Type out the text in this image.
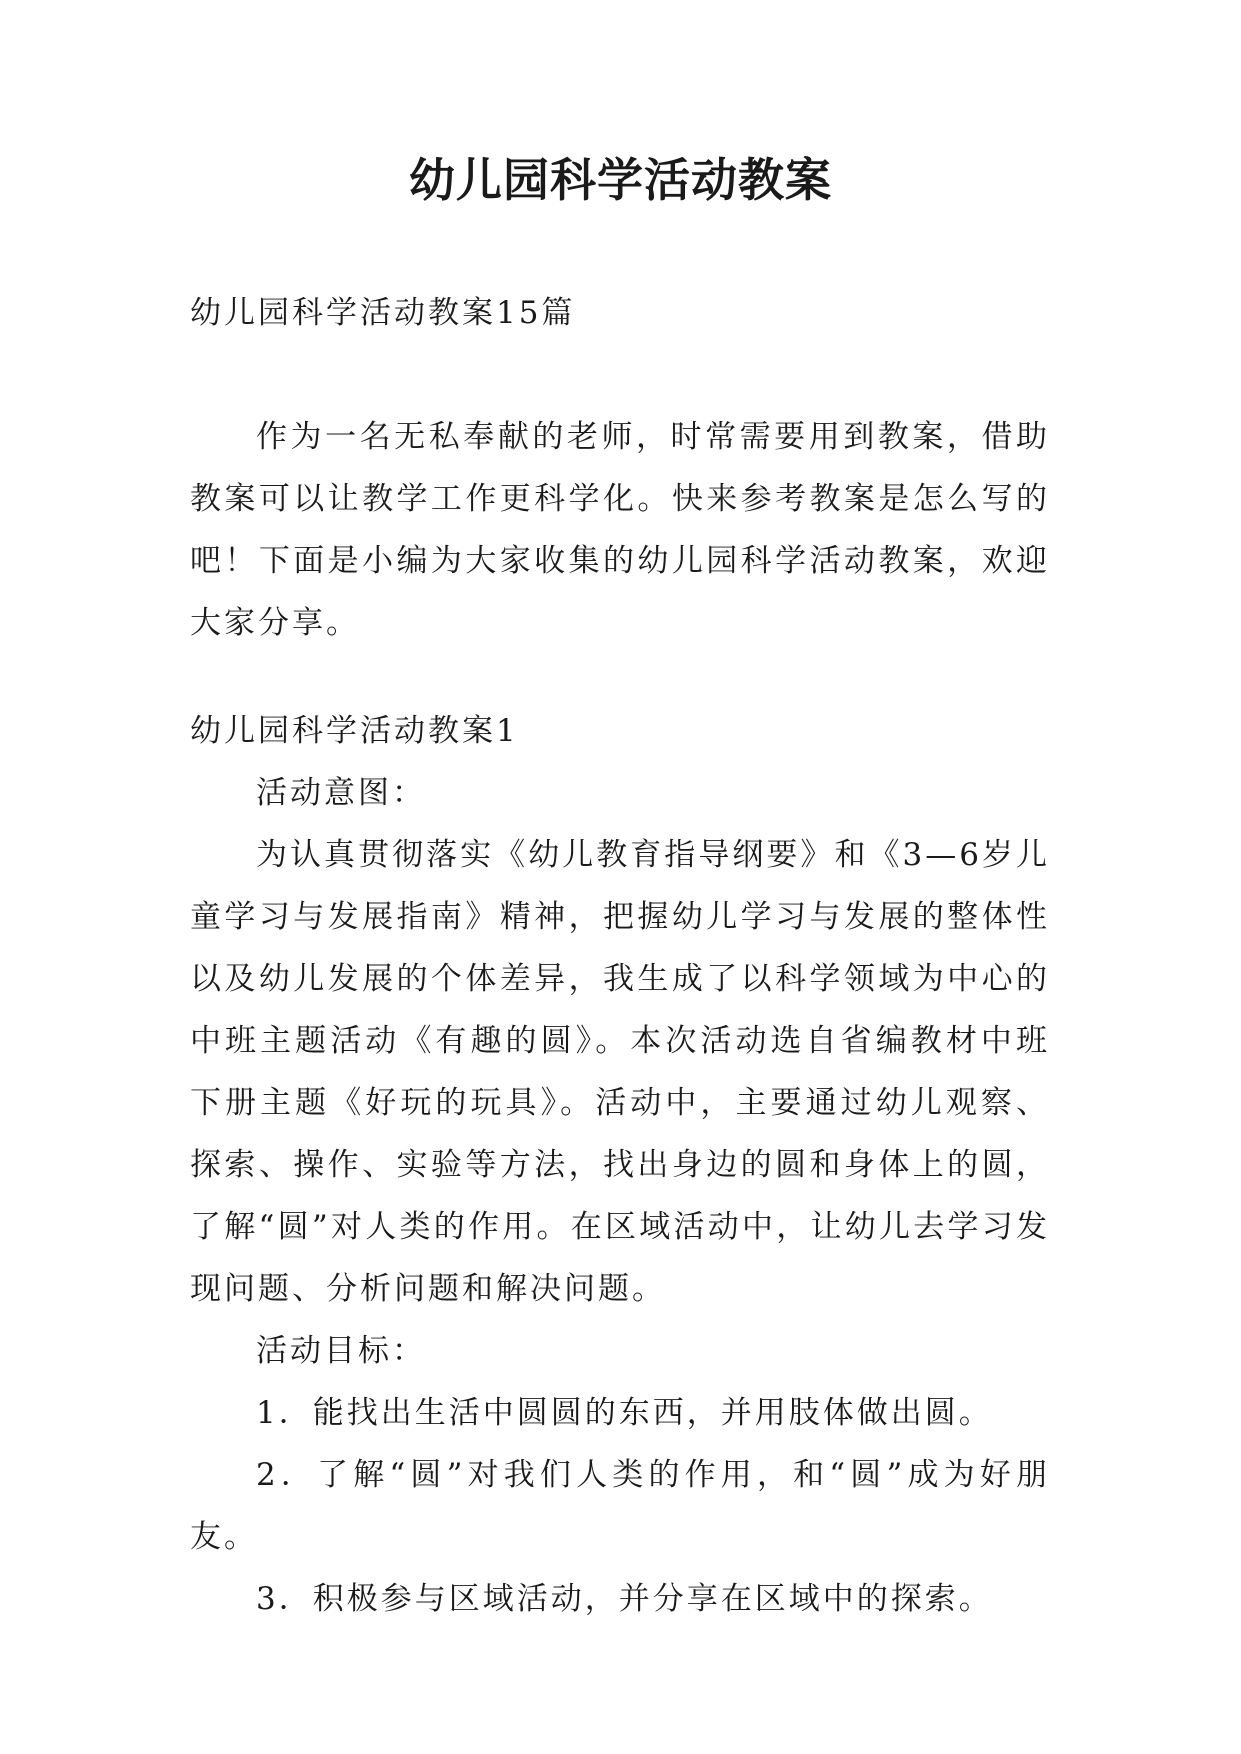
幼儿园科学活动教案
幼儿园科学活动教案15篇
作为一名无私奉献的老师，时常需要用到教案，借助教案可以让教学工作更科学化。快来参考教案是怎么写的吧！下面是小编为大家收集的幼儿园科学活动教案，欢迎大家分享。

幼儿园科学活动教案1

活动意图：

为认真贯彻落实《幼儿教育指导纲要》和《3—6岁儿童学习与发展指南》精神，把握幼儿学习与发展的整体性以及幼儿发展的个体差异，我生成了以科学领域为中心的中班主题活动《有趣的圆》。本次活动选自省编教材中班下册主题《好玩的玩具》。活动中，主要通过幼儿观察、探索、操作、实验等方法，找出身边的圆和身体上的圆，了解“圆”对人类的作用。在区域活动中，让幼儿去学习发现问题、分析问题和解决问题。

活动目标：

1．能找出生活中圆圆的东西，并用肢体做出圆。

2．了解“圆”对我们人类的作用，和“圆”成为好朋友。

3．积极参与区域活动，并分享在区域中的探索。
